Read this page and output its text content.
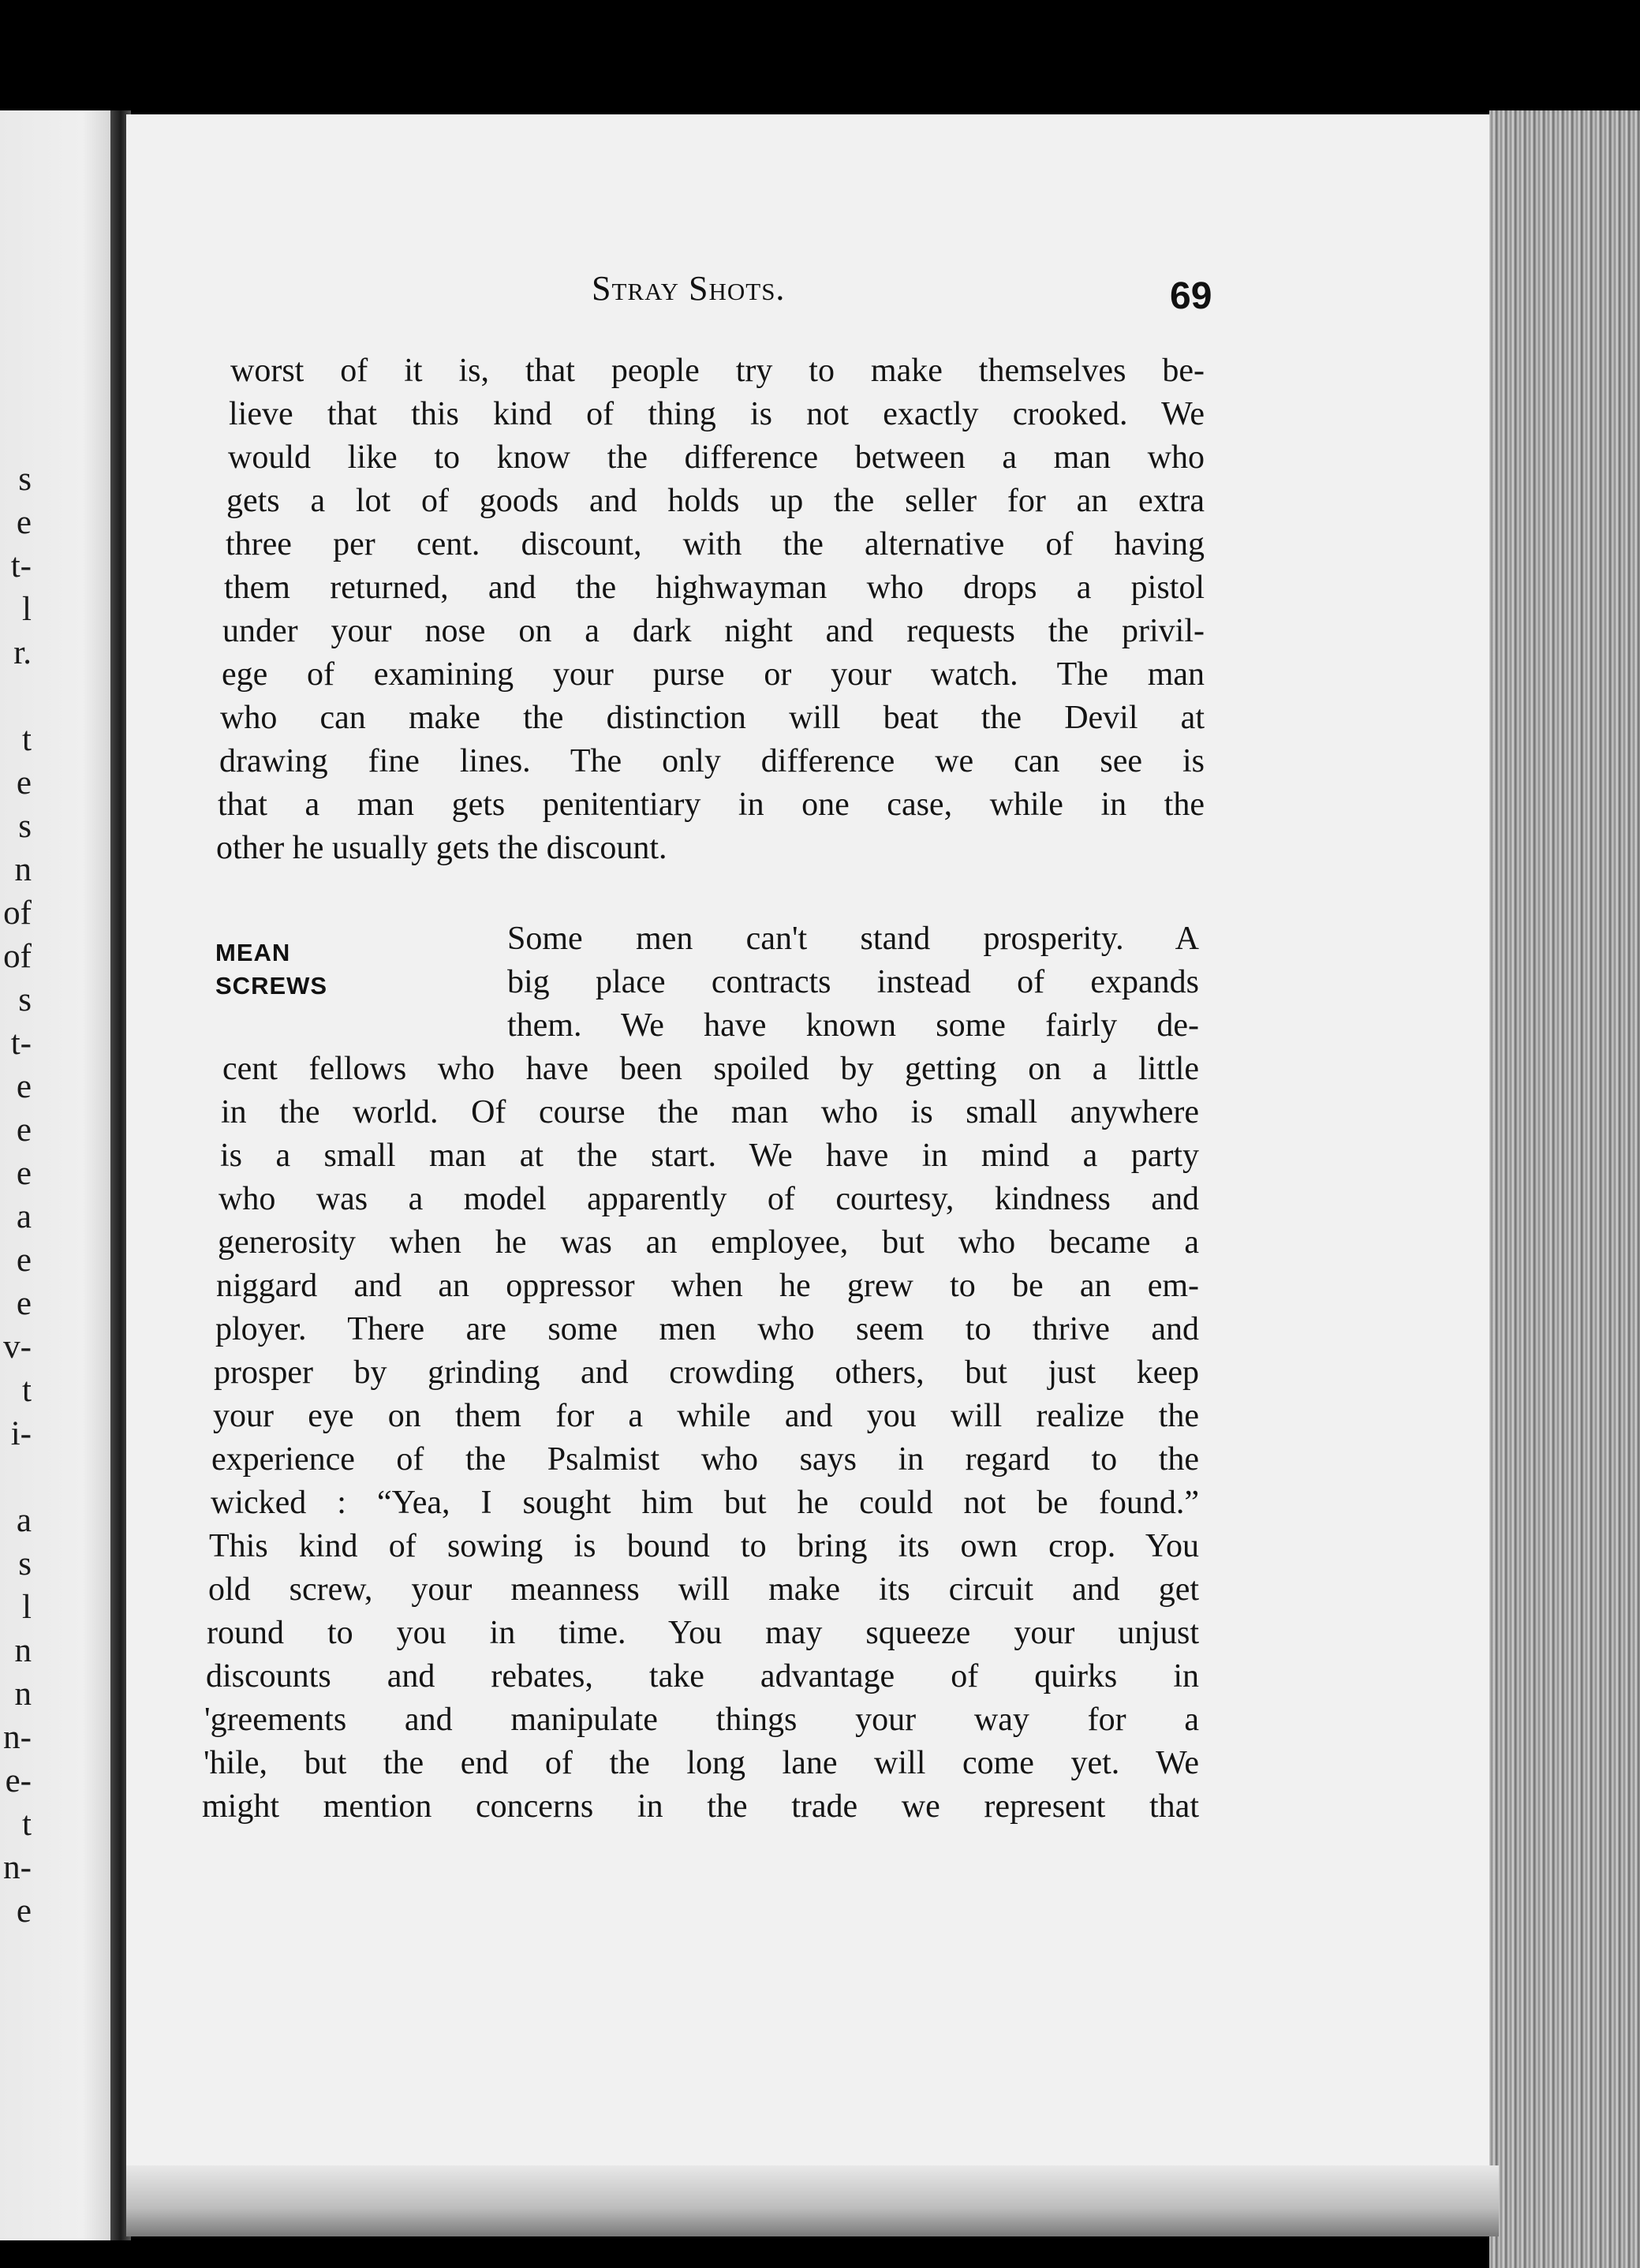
s
e
t-
l
r.
t
e
s
n
of
of
s
t-
e
e
e
a
e
e
v-
t
i-
a
s
l
n
n
n-
e-
t
n-
e
Stray Shots.	69
worst of it is, that people try to make themselves be-
lieve that this kind of thing is not exactly crooked. We
would like to know the difference between a man who
gets a lot of goods and holds up the seller for an extra
three per cent. discount, with the alternative of having
them returned, and the highwayman who drops a pistol
under your nose on a dark night and requests the privil-
ege of examining your purse or your watch. The man
who can make the distinction will beat the Devil at
drawing fine lines. The only difference we can see is
that a man gets penitentiary in one case, while in the
other he usually gets the discount.
MEAN
SCREWS
Some men can't stand prosperity. A
big place contracts instead of expands
them. We have known some fairly de-
cent fellows who have been spoiled by getting on a little
in the world. Of course the man who is small anywhere
is a small man at the start. We have in mind a party
who was a model apparently of courtesy, kindness and
generosity when he was an employee, but who became a
niggard and an oppressor when he grew to be an em-
ployer. There are some men who seem to thrive and
prosper by grinding and crowding others, but just keep
your eye on them for a while and you will realize the
experience of the Psalmist who says in regard to the
wicked : “Yea, I sought him but he could not be found.”
This kind of sowing is bound to bring its own crop. You
old screw, your meanness will make its circuit and get
round to you in time. You may squeeze your unjust
discounts and rebates, take advantage of quirks in
'greements and manipulate things your way for a
'hile, but the end of the long lane will come yet. We
might mention concerns in the trade we represent that
